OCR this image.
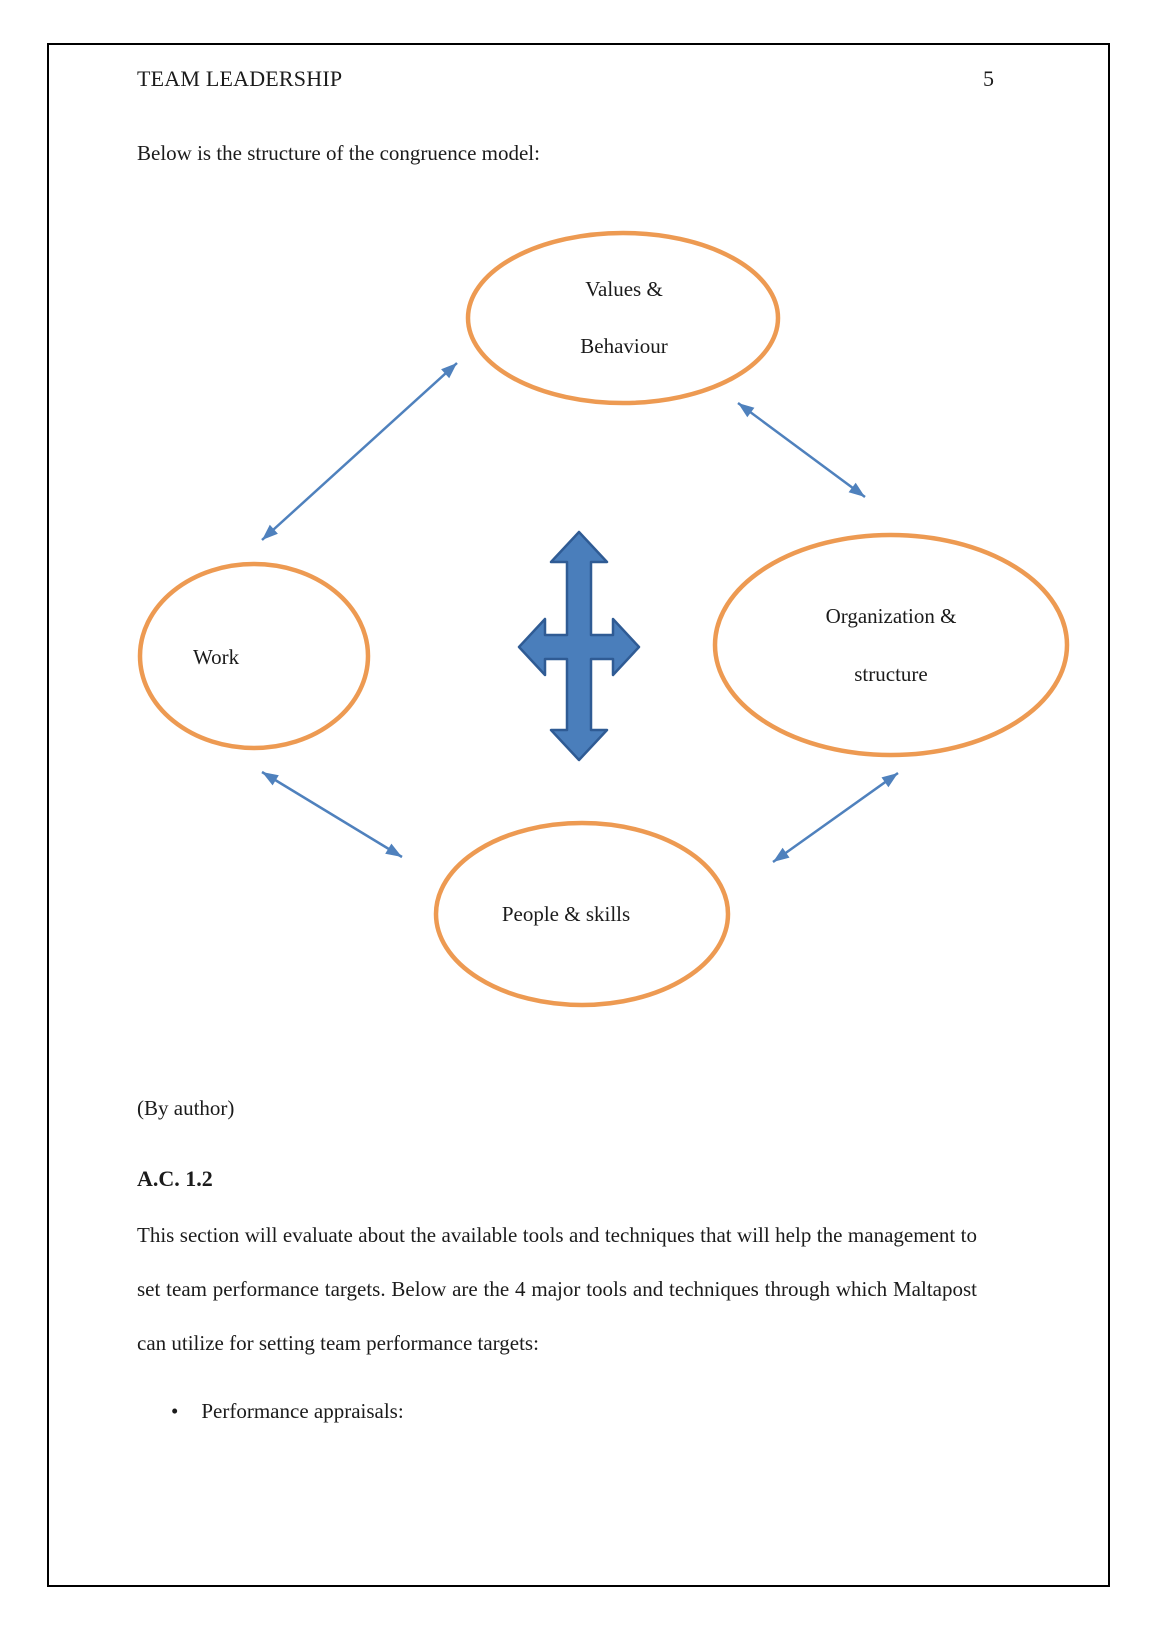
TEAM LEADERSHIP	5
Below is the structure of the congruence model:
Values &
Behaviour
Work
Organization &
structure
People & skills
(By author)
A.C. 1.2

This section will evaluate about the available tools and techniques that will help the management to set team performance targets. Below are the 4 major tools and techniques through which Maltapost can utilize for setting team performance targets:

• Performance appraisals:
